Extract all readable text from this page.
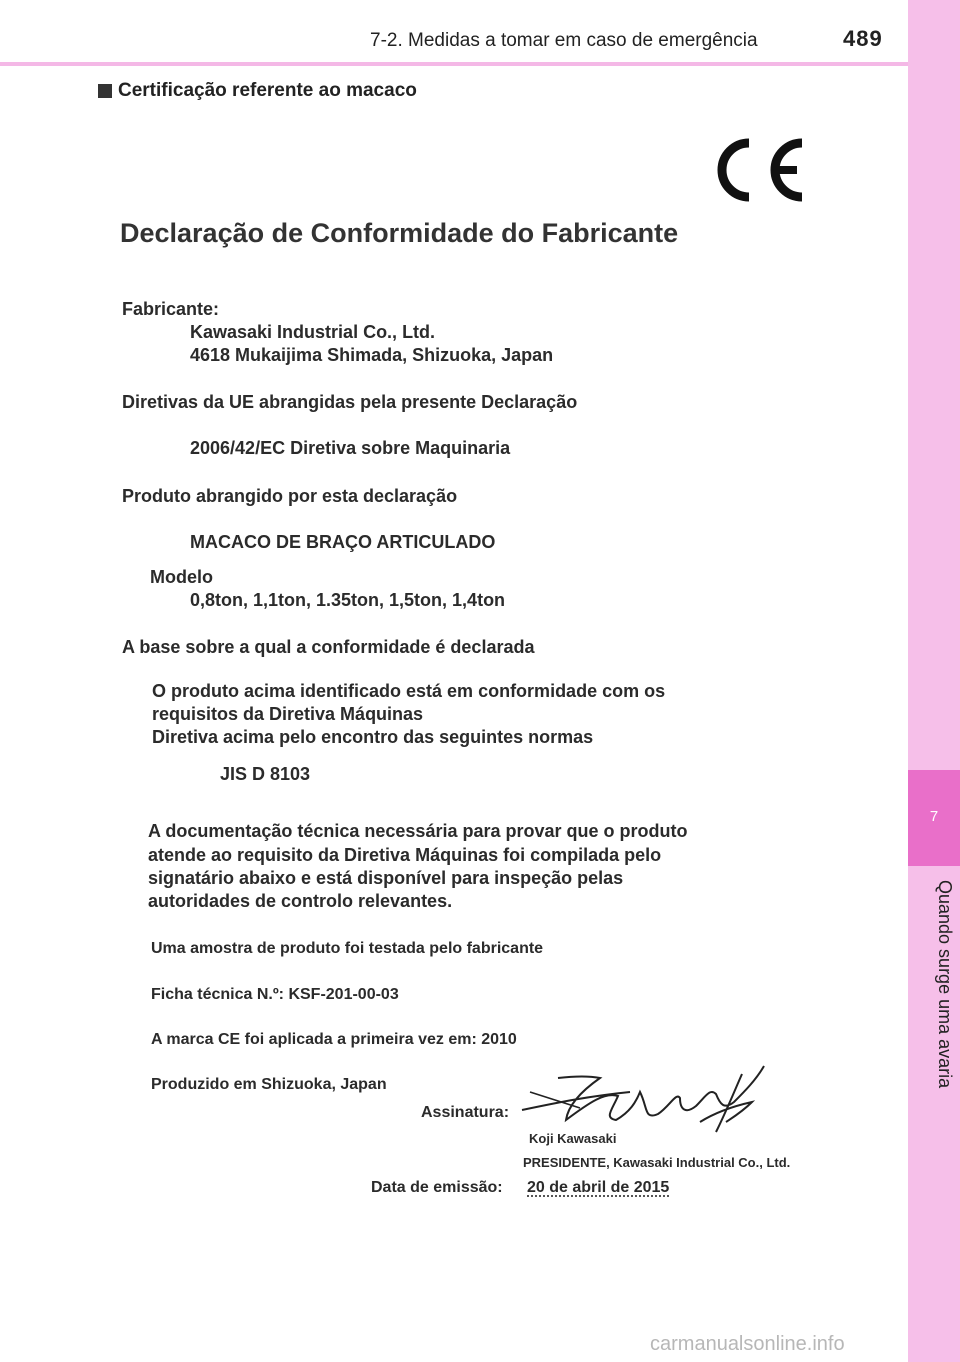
7-2. Medidas a tomar em caso de emergência	489
7
Quando surge uma avaria
Certificação referente ao macaco
Declaração de Conformidade do Fabricante
Fabricante:
Kawasaki Industrial Co., Ltd.
4618 Mukaijima Shimada, Shizuoka, Japan
Diretivas da UE abrangidas pela presente Declaração
2006/42/EC Diretiva sobre Maquinaria
Produto abrangido por esta declaração
MACACO DE BRAÇO ARTICULADO
Modelo
0,8ton, 1,1ton, 1.35ton, 1,5ton, 1,4ton
A base sobre a qual a conformidade é declarada
O produto acima identificado está em conformidade com os
requisitos da Diretiva Máquinas
Diretiva acima pelo encontro das seguintes normas
JIS D 8103
A documentação técnica necessária para provar que o produto
atende ao requisito da Diretiva Máquinas foi compilada pelo
signatário abaixo e está disponível para inspeção pelas
autoridades de controlo relevantes.
Uma amostra de produto foi testada pelo fabricante
Ficha técnica N.º: KSF-201-00-03
A marca CE foi aplicada a primeira vez em: 2010
Produzido em Shizuoka, Japan
Assinatura:
Koji Kawasaki
PRESIDENTE, Kawasaki Industrial Co., Ltd.
Data de emissão: 20 de abril de 2015
carmanualsonline.info
